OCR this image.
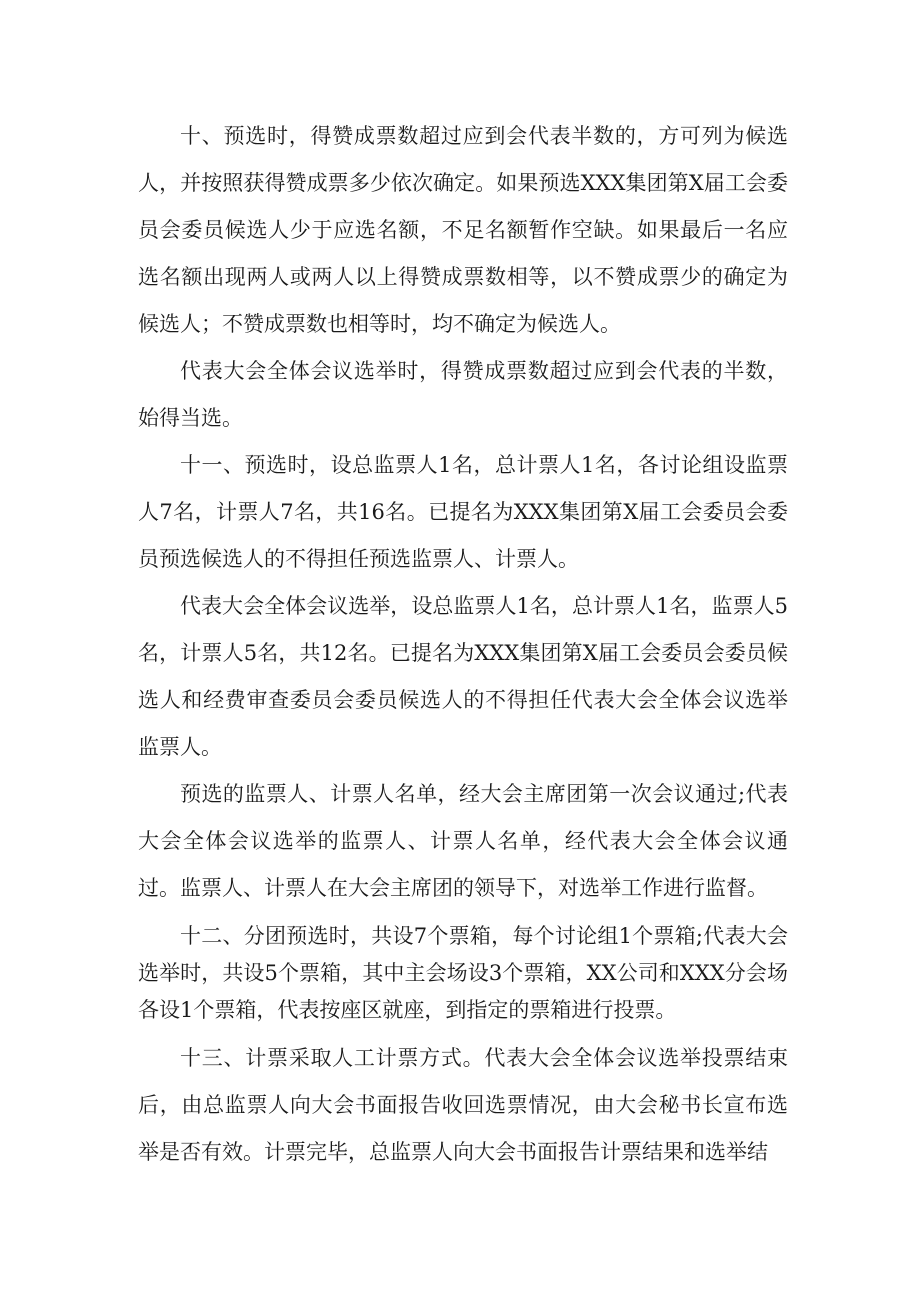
十、预选时，得赞成票数超过应到会代表半数的，方可列为候选人，并按照获得赞成票多少依次确定。如果预选XXX集团第X届工会委员会委员候选人少于应选名额，不足名额暂作空缺。如果最后一名应选名额出现两人或两人以上得赞成票数相等，以不赞成票少的确定为候选人；不赞成票数也相等时，均不确定为候选人。

代表大会全体会议选举时，得赞成票数超过应到会代表的半数，始得当选。

十一、预选时，设总监票人1名，总计票人1名，各讨论组设监票人7名，计票人7名，共16名。已提名为XXX集团第X届工会委员会委员预选候选人的不得担任预选监票人、计票人。

代表大会全体会议选举，设总监票人1名，总计票人1名，监票人5名，计票人5名，共12名。已提名为XXX集团第X届工会委员会委员候选人和经费审查委员会委员候选人的不得担任代表大会全体会议选举监票人。

预选的监票人、计票人名单，经大会主席团第一次会议通过;代表大会全体会议选举的监票人、计票人名单，经代表大会全体会议通过。监票人、计票人在大会主席团的领导下，对选举工作进行监督。

十二、分团预选时，共设7个票箱，每个讨论组1个票箱;代表大会选举时，共设5个票箱，其中主会场设3个票箱，XX公司和XXX分会场各设1个票箱，代表按座区就座，到指定的票箱进行投票。

十三、计票采取人工计票方式。代表大会全体会议选举投票结束后，由总监票人向大会书面报告收回选票情况，由大会秘书长宣布选举是否有效。计票完毕，总监票人向大会书面报告计票结果和选举结
